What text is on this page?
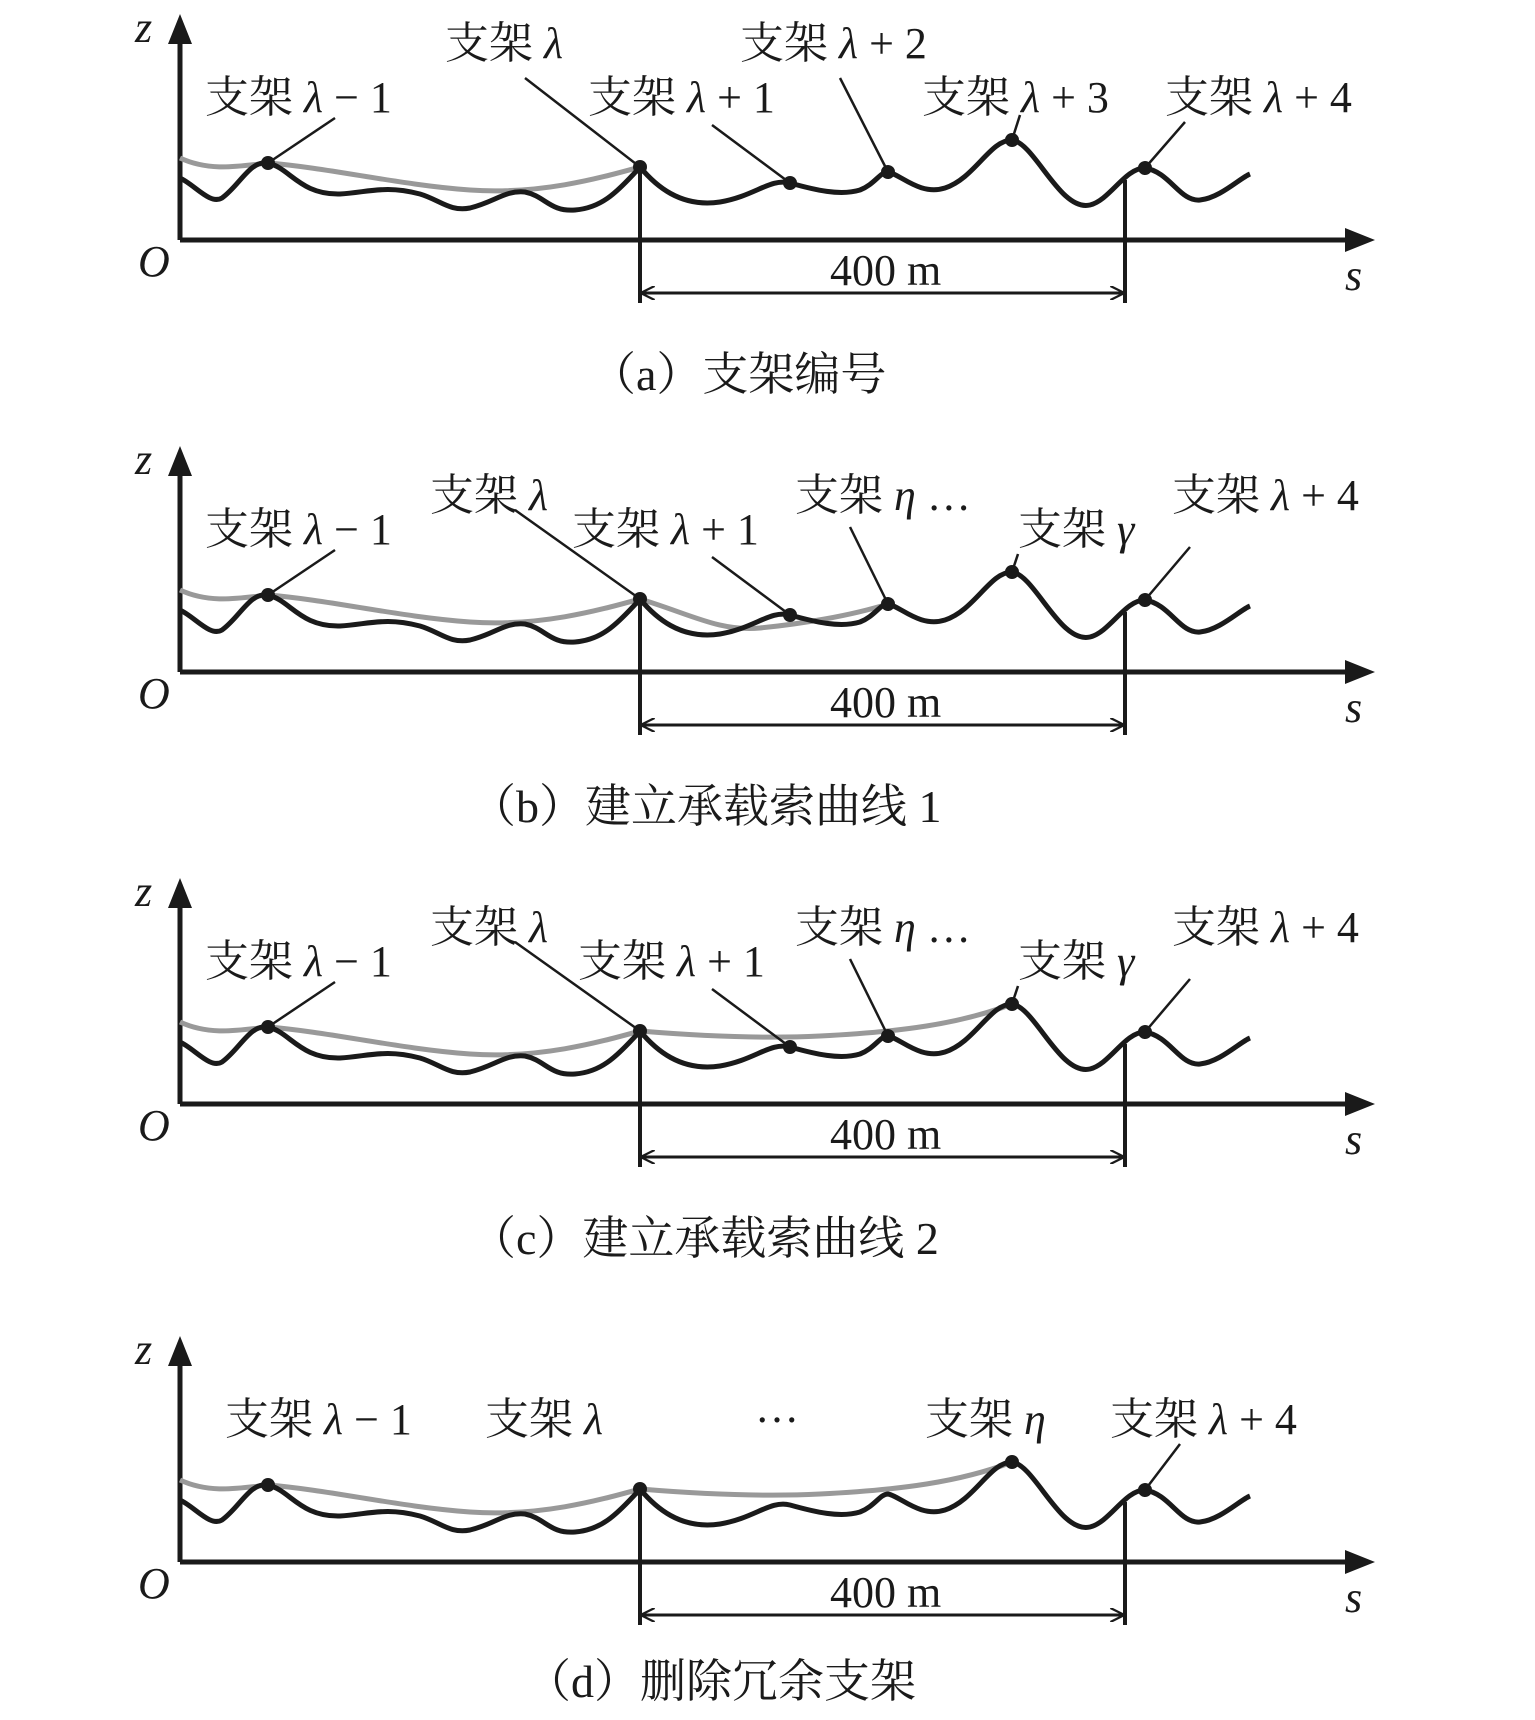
z
s
O	400 m
支架 λ − 1
支架 λ
支架 λ + 1
支架 λ + 2
支架 λ + 3 支架 λ + 4
（a）支架编号
z
s
O	400 m
支架 λ − 1
支架 λ
支架 λ + 1
支架 η …
支架 γ
支架 λ + 4
（b）建立承载索曲线 1
z
s
O	400 m
支架 λ − 1
支架 λ
支架 λ + 1
支架 η …
支架 γ
支架 λ + 4
（c）建立承载索曲线 2
z
s
O	400 m
支架 λ − 1 支架 λ	…	支架 η 支架 λ + 4
（d）删除冗余支架
